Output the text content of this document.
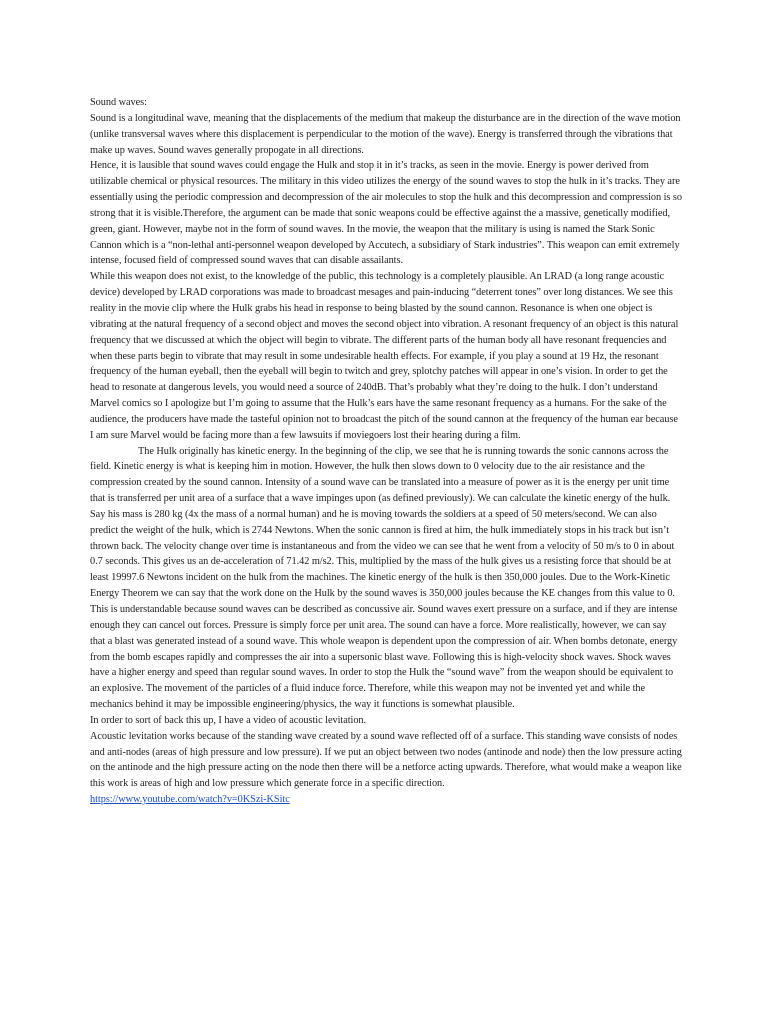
Sound waves:

Sound is a longitudinal wave, meaning that the displacements of the medium that makeup the disturbance are in the direction of the wave motion (unlike transversal waves where this displacement is perpendicular to the motion of the wave). Energy is transferred through the vibrations that make up waves. Sound waves generally propogate in all directions.

Hence, it is lausible that sound waves could engage the Hulk and stop it in it’s tracks, as seen in the movie. Energy is power derived from utilizable chemical or physical resources. The military in this video utilizes the energy of the sound waves to stop the hulk in it’s tracks. They are essentially using the periodic compression and decompression of the air molecules to stop the hulk and this decompression and compression is so strong that it is visible.Therefore, the argument can be made that sonic weapons could be effective against the a massive, genetically modified, green, giant. However, maybe not in the form of sound waves. In the movie, the weapon that the military is using is named the Stark Sonic Cannon which is a “non-lethal anti-personnel weapon developed by Accutech, a subsidiary of Stark industries”. This weapon can emit extremely intense, focused field of compressed sound waves that can disable assailants.

While this weapon does not exist, to the knowledge of the public, this technology is a completely plausible. An LRAD (a long range acoustic device) developed by LRAD corporations was made to broadcast mesages and pain-inducing “deterrent tones” over long distances. We see this reality in the movie clip where the Hulk grabs his head in response to being blasted by the sound cannon. Resonance is when one object is vibrating at the natural frequency of a second object and moves the second object into vibration. A resonant frequency of an object is this natural frequency that we discussed at which the object will begin to vibrate. The different parts of the human body all have resonant frequencies and when these parts begin to vibrate that may result in some undesirable health effects. For example, if you play a sound at 19 Hz, the resonant frequency of the human eyeball, then the eyeball will begin to twitch and grey, splotchy patches will appear in one’s vision. In order to get the head to resonate at dangerous levels, you would need a source of 240dB. That’s probably what they’re doing to the hulk. I don’t understand Marvel comics so I apologize but I’m going to assume that the Hulk’s ears have the same resonant frequency as a humans. For the sake of the audience, the producers have made the tasteful opinion not to broadcast the pitch of the sound cannon at the frequency of the human ear because I am sure Marvel would be facing more than a few lawsuits if moviegoers lost their hearing during a film.

The Hulk originally has kinetic energy. In the beginning of the clip, we see that he is running towards the sonic cannons across the field. Kinetic energy is what is keeping him in motion. However, the hulk then slows down to 0 velocity due to the air resistance and the compression created by the sound cannon. Intensity of a sound wave can be translated into a measure of power as it is the energy per unit time that is transferred per unit area of a surface that a wave impinges upon (as defined previously). We can calculate the kinetic energy of the hulk. Say his mass is 280 kg (4x the mass of a normal human) and he is moving towards the soldiers at a speed of 50 meters/second. We can also predict the weight of the hulk, which is 2744 Newtons. When the sonic cannon is fired at him, the hulk immediately stops in his track but isn’t thrown back. The velocity change over time is instantaneous and from the video we can see that he went from a velocity of 50 m/s to 0 in about 0.7 seconds. This gives us an de-acceleration of 71.42 m/s2. This, multiplied by the mass of the hulk gives us a resisting force that should be at least 19997.6 Newtons incident on the hulk from the machines. The kinetic energy of the hulk is then 350,000 joules. Due to the Work-Kinetic Energy Theorem we can say that the work done on the Hulk by the sound waves is 350,000 joules because the KE changes from this value to 0. This is understandable because sound waves can be described as concussive air. Sound waves exert pressure on a surface, and if they are intense enough they can cancel out forces. Pressure is simply force per unit area. The sound can have a force. More realistically, however, we can say that a blast was generated instead of a sound wave. This whole weapon is dependent upon the compression of air. When bombs detonate, energy from the bomb escapes rapidly and compresses the air into a supersonic blast wave. Following this is high-velocity shock waves. Shock waves have a higher energy and speed than regular sound waves. In order to stop the Hulk the “sound wave” from the weapon should be equivalent to an explosive. The movement of the particles of a fluid induce force. Therefore, while this weapon may not be invented yet and while the mechanics behind it may be impossible engineering/physics, the way it functions is somewhat plausible.

In order to sort of back this up, I have a video of acoustic levitation.

Acoustic levitation works because of the standing wave created by a sound wave reflected off of a surface. This standing wave consists of nodes and anti-nodes (areas of high pressure and low pressure). If we put an object between two nodes (antinode and node) then the low pressure acting on the antinode and the high pressure acting on the node then there will be a netforce acting upwards. Therefore, what would make a weapon like this work is areas of high and low pressure which generate force in a specific direction.

https://www.youtube.com/watch?v=0KSzi-KSitc
